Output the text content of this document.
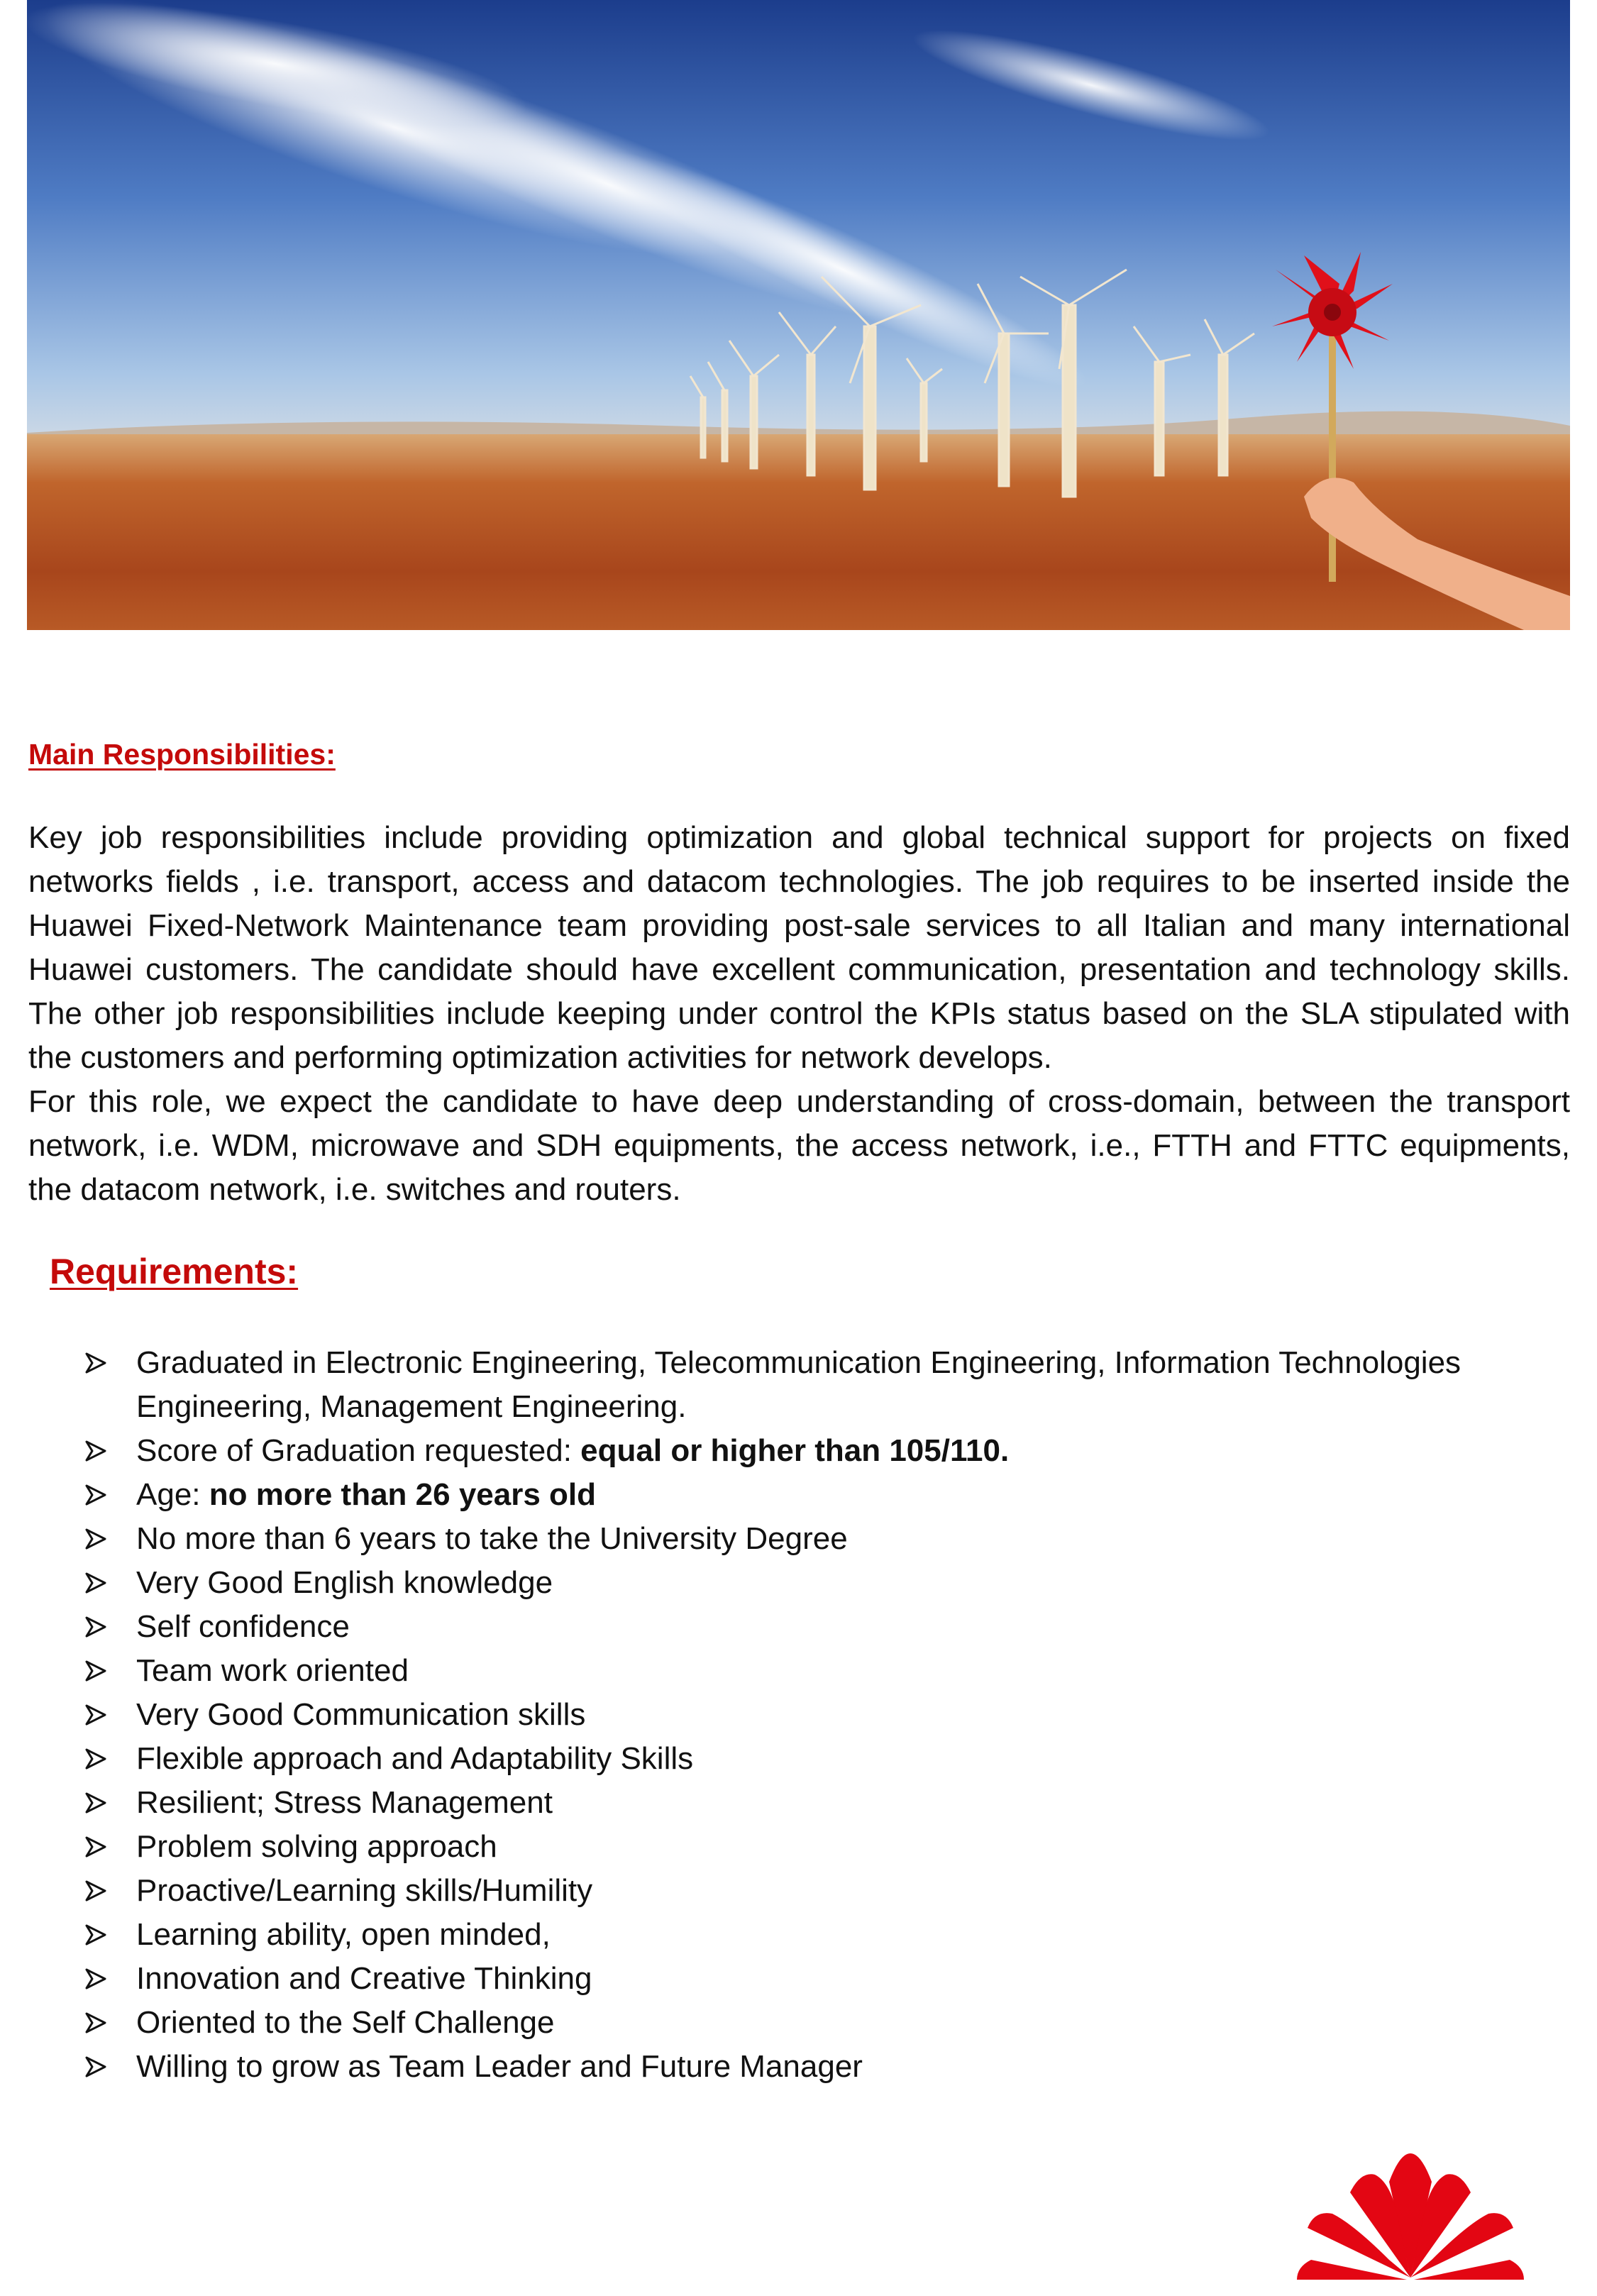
Main Responsibilities:

Key job responsibilities include providing optimization and global technical support for projects on fixed networks fields , i.e. transport, access and datacom technologies. The job requires to be inserted inside the Huawei Fixed-Network Maintenance team providing post-sale services to all Italian and many international Huawei customers. The candidate should have excellent communication, presentation and technology skills. The other job responsibilities include keeping under control the KPIs status based on the SLA stipulated with the customers and performing optimization activities for network develops.

For this role, we expect the candidate to have deep understanding of cross-domain, between the transport network, i.e. WDM, microwave and SDH equipments, the access network, i.e., FTTH and FTTC equipments, the datacom network, i.e. switches and routers.

Requirements:
Graduated in Electronic Engineering, Telecommunication Engineering, Information Technologies Engineering, Management Engineering.
Score of Graduation requested: equal or higher than 105/110.
Age: no more than 26 years old
No more than 6 years to take the University Degree
Very Good English knowledge
Self confidence
Team work oriented
Very Good Communication skills
Flexible approach and Adaptability Skills
Resilient; Stress Management
Problem solving approach
Proactive/Learning skills/Humility
Learning ability, open minded,
Innovation and Creative Thinking
Oriented to the Self Challenge
Willing to grow as Team Leader and Future Manager
